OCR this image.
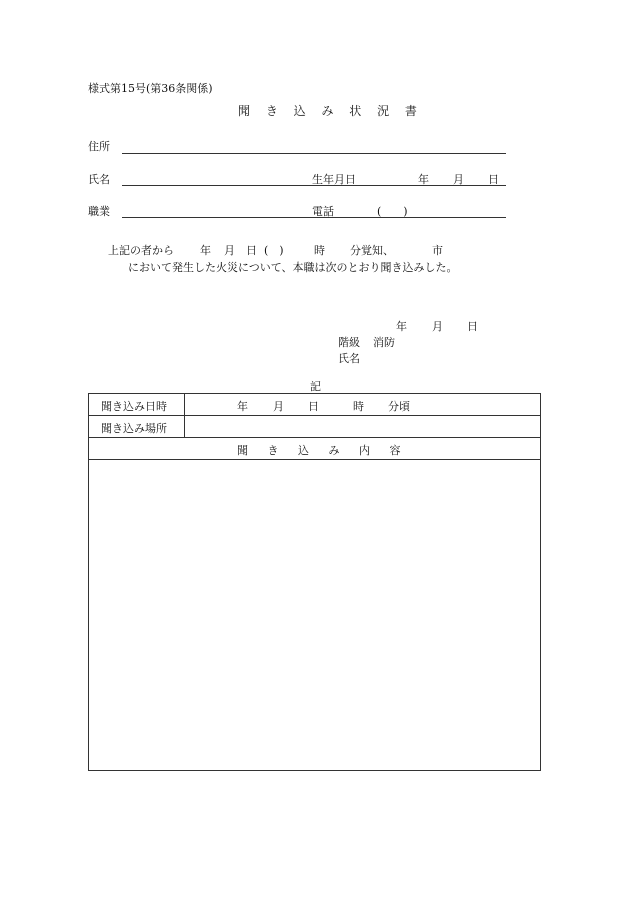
様式第15号(第36条関係)
聞 き 込 み 状 況 書
住所
氏名	生年月日	年 月 日
職業	電話	(　　)
上記の者から 年 月 日 (　)	時 分覚知、	市
において発生した火災について、本職は次のとおり聞き込みした。
年 月 日
階級 消防
氏名
記
聞き込み日時	年 月 日	時 分頃
聞き込み場所
聞 き 込 み 内 容
